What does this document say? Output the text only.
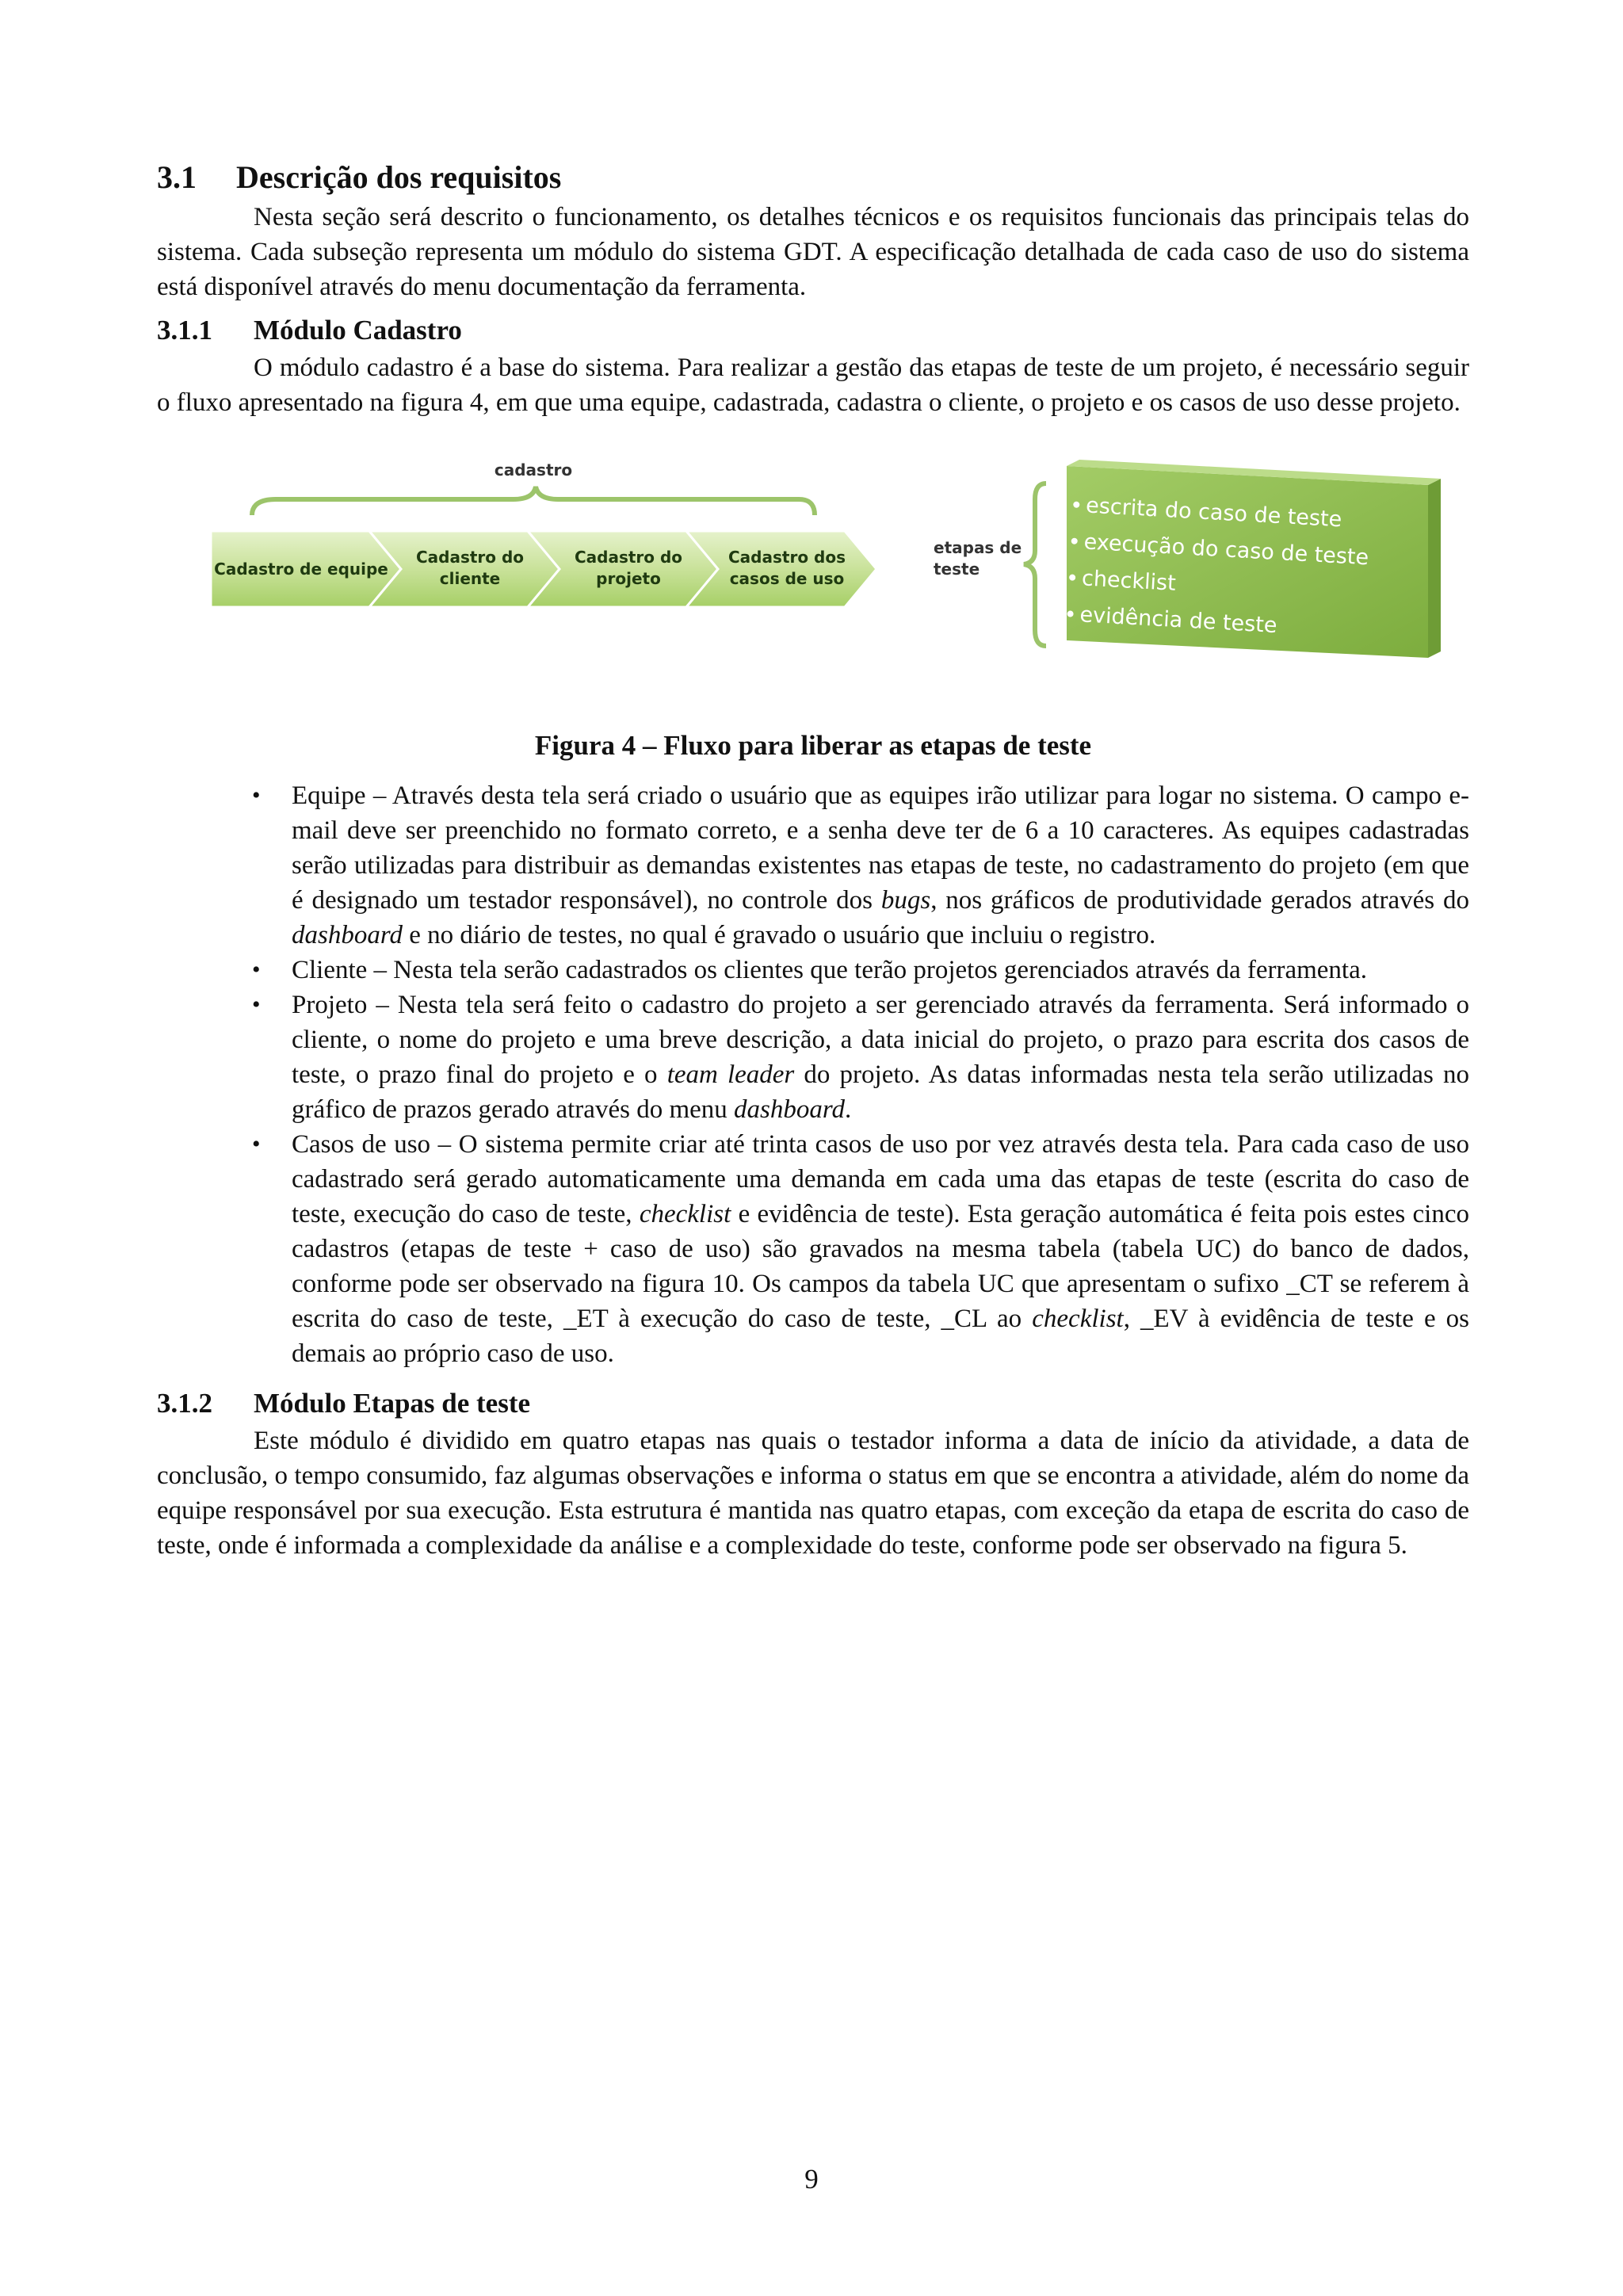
3.1 Descrição dos requisitos

Nesta seção será descrito o funcionamento, os detalhes técnicos e os requisitos funcionais das principais telas do sistema. Cada subseção representa um módulo do sistema GDT. A especificação detalhada de cada caso de uso do sistema está disponível através do menu documentação da ferramenta.

3.1.1 Módulo Cadastro

O módulo cadastro é a base do sistema. Para realizar a gestão das etapas de teste de um projeto, é necessário seguir o fluxo apresentado na figura 4, em que uma equipe, cadastrada, cadastra o cliente, o projeto e os casos de uso desse projeto.

cadastro
Cadastro de equipe
Cadastro do
cliente
Cadastro do
projeto
Cadastro dos
casos de uso
etapas de
teste
escrita do caso de teste
execução do caso de teste
checklist
evidência de teste
Figura 4 – Fluxo para liberar as etapas de teste
• Equipe – Através desta tela será criado o usuário que as equipes irão utilizar para logar no sistema. O campo e-mail deve ser preenchido no formato correto, e a senha deve ter de 6 a 10 caracteres. As equipes cadastradas serão utilizadas para distribuir as demandas existentes nas etapas de teste, no cadastramento do projeto (em que é designado um testador responsável), no controle dos bugs, nos gráficos de produtividade gerados através do dashboard e no diário de testes, no qual é gravado o usuário que incluiu o registro.
• Cliente – Nesta tela serão cadastrados os clientes que terão projetos gerenciados através da ferramenta.
• Projeto – Nesta tela será feito o cadastro do projeto a ser gerenciado através da ferramenta. Será informado o cliente, o nome do projeto e uma breve descrição, a data inicial do projeto, o prazo para escrita dos casos de teste, o prazo final do projeto e o team leader do projeto. As datas informadas nesta tela serão utilizadas no gráfico de prazos gerado através do menu dashboard.
• Casos de uso – O sistema permite criar até trinta casos de uso por vez através desta tela. Para cada caso de uso cadastrado será gerado automaticamente uma demanda em cada uma das etapas de teste (escrita do caso de teste, execução do caso de teste, checklist e evidência de teste). Esta geração automática é feita pois estes cinco cadastros (etapas de teste + caso de uso) são gravados na mesma tabela (tabela UC) do banco de dados, conforme pode ser observado na figura 10. Os campos da tabela UC que apresentam o sufixo _CT se referem à escrita do caso de teste, _ET à execução do caso de teste, _CL ao checklist, _EV à evidência de teste e os demais ao próprio caso de uso.
3.1.2 Módulo Etapas de teste

Este módulo é dividido em quatro etapas nas quais o testador informa a data de início da atividade, a data de conclusão, o tempo consumido, faz algumas observações e informa o status em que se encontra a atividade, além do nome da equipe responsável por sua execução. Esta estrutura é mantida nas quatro etapas, com exceção da etapa de escrita do caso de teste, onde é informada a complexidade da análise e a complexidade do teste, conforme pode ser observado na figura 5.

9
